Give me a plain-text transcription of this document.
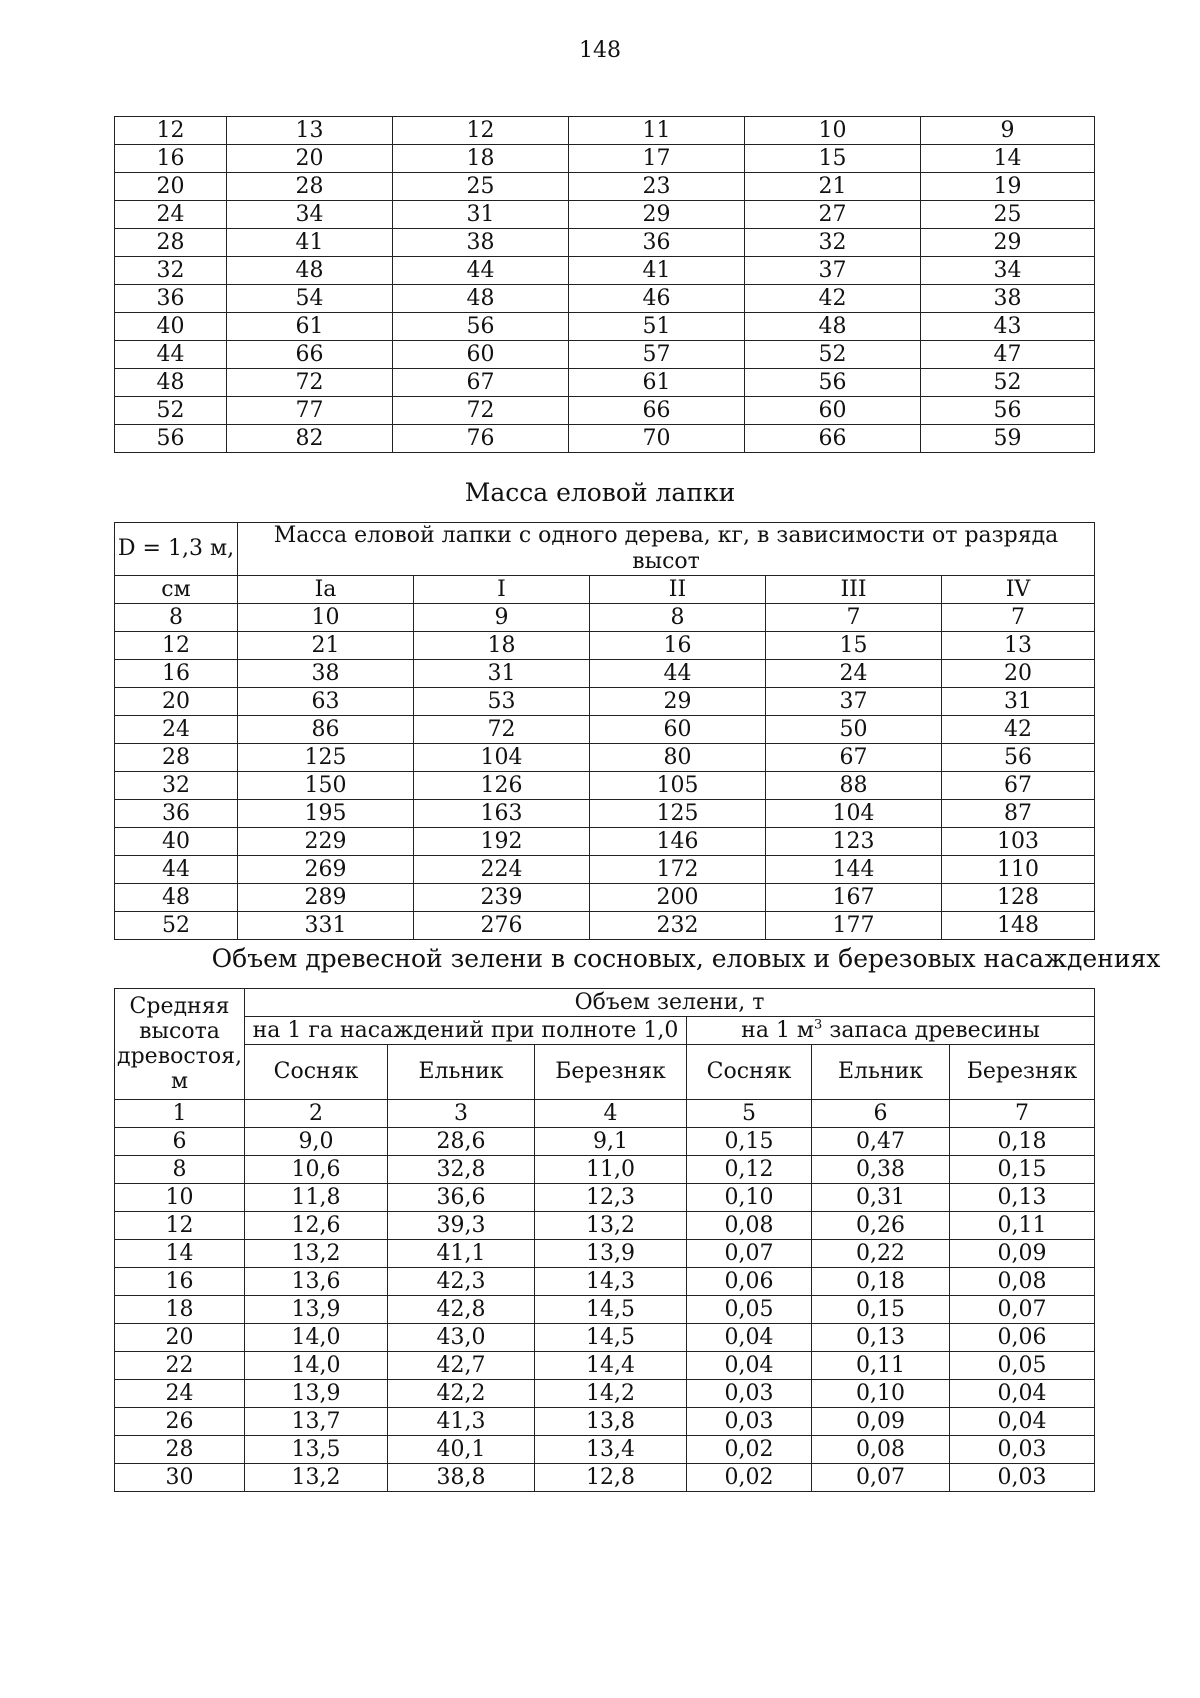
148
12	13	12	11	10	9
16	20	18	17	15	14
20	28	25	23	21	19
24	34	31	29	27	25
28	41	38	36	32	29
32	48	44	41	37	34
36	54	48	46	42	38
40	61	56	51	48	43
44	66	60	57	52	47
48	72	67	61	56	52
52	77	72	66	60	56
56	82	76	70	66	59
Масса еловой лапки
D = 1,3 м,	Масса еловой лапки с одного дерева, кг, в зависимости от разряда высот				
см	Iа	I	II	III	IV
8	10	9	8	7	7
12	21	18	16	15	13
16	38	31	44	24	20
20	63	53	29	37	31
24	86	72	60	50	42
28	125	104	80	67	56
32	150	126	105	88	67
36	195	163	125	104	87
40	229	192	146	123	103
44	269	224	172	144	110
48	289	239	200	167	128
52	331	276	232	177	148
Объем древесной зелени в сосновых, еловых и березовых насаждениях
Средняя
высота
древостоя,
м	Объем зелени, т					
	на 1 га насаждений при полноте 1,0			на 1 $м^3$ запаса древесины		
	Сосняк	Ельник	Березняк	Сосняк	Ельник	Березняк
1	2	3	4	5	6	7
6	9,0	28,6	9,1	0,15	0,47	0,18
8	10,6	32,8	11,0	0,12	0,38	0,15
10	11,8	36,6	12,3	0,10	0,31	0,13
12	12,6	39,3	13,2	0,08	0,26	0,11
14	13,2	41,1	13,9	0,07	0,22	0,09
16	13,6	42,3	14,3	0,06	0,18	0,08
18	13,9	42,8	14,5	0,05	0,15	0,07
20	14,0	43,0	14,5	0,04	0,13	0,06
22	14,0	42,7	14,4	0,04	0,11	0,05
24	13,9	42,2	14,2	0,03	0,10	0,04
26	13,7	41,3	13,8	0,03	0,09	0,04
28	13,5	40,1	13,4	0,02	0,08	0,03
30	13,2	38,8	12,8	0,02	0,07	0,03
